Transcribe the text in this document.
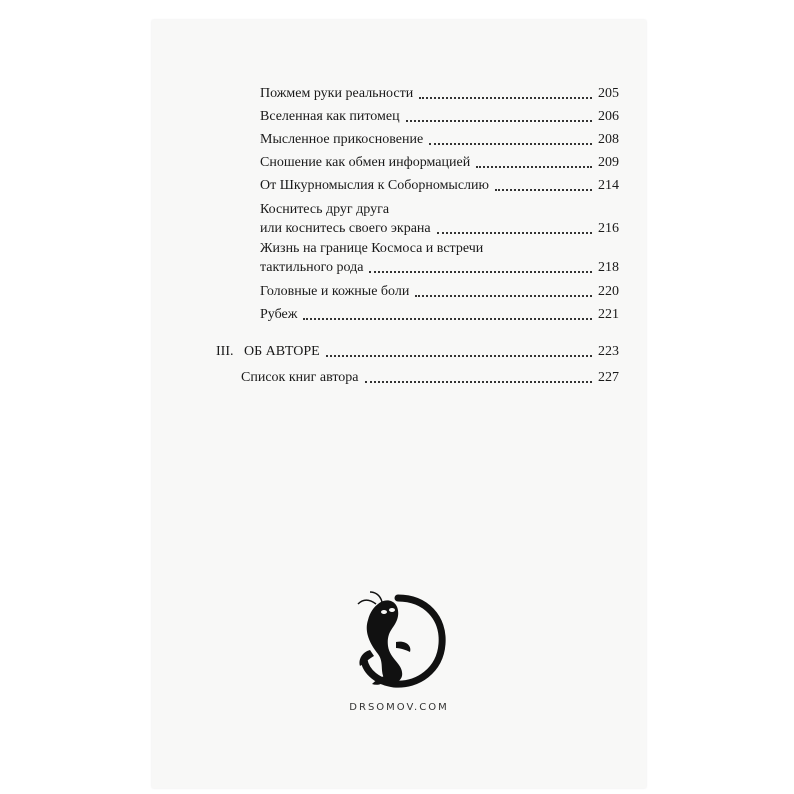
Пожмем руки реальности	205
Вселенная как питомец	206
Мысленное прикосновение	208
Сношение как обмен информацией	209
От Шкурномыслия к Соборномыслию	214
Коснитесь друг друга
или коснитесь своего экрана	216
Жизнь на границе Космоса и встречи
тактильного рода	218
Головные и кожные боли	220
Рубеж	221
III. ОБ АВТОРЕ	223
Список книг автора	227
DRSOMOV.COM
